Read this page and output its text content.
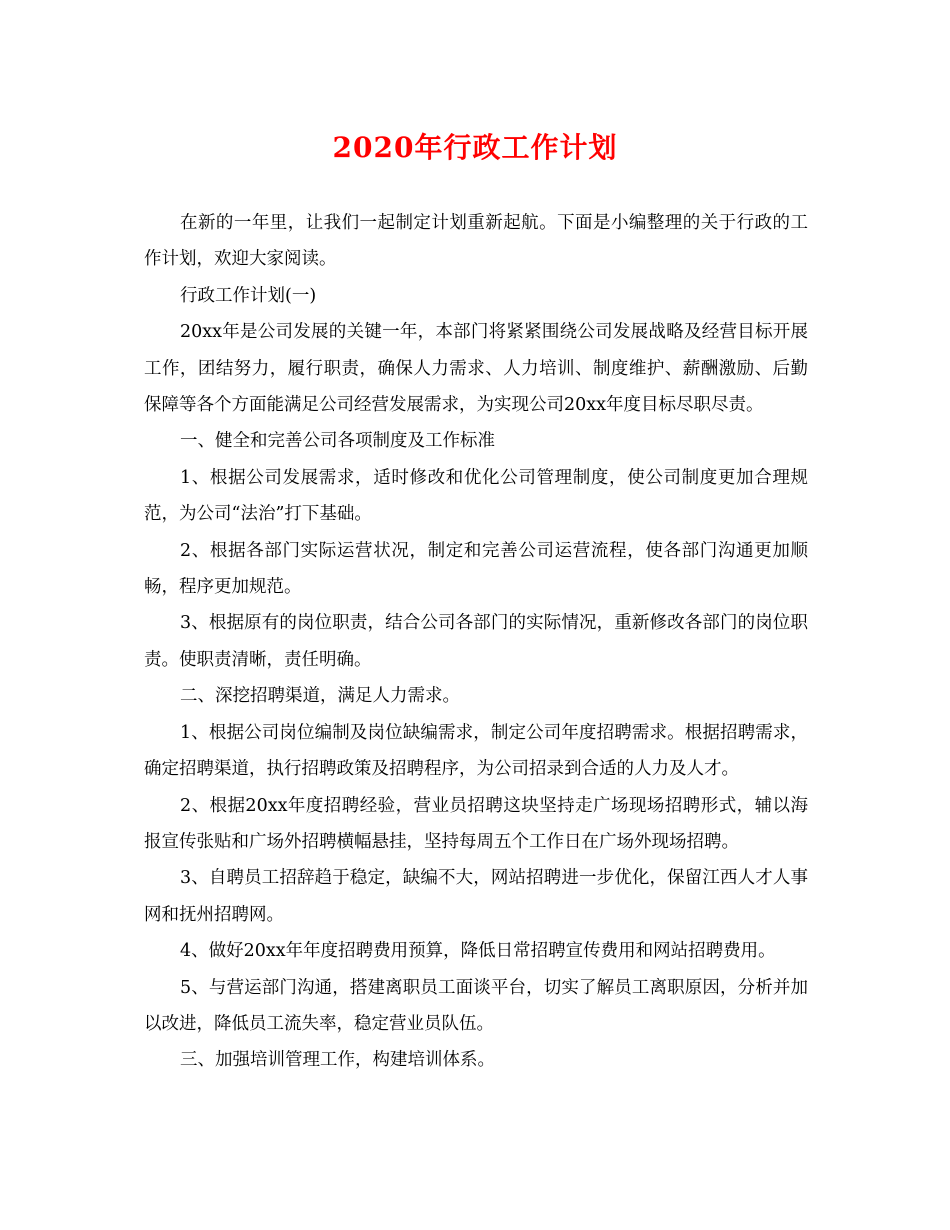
2020年行政工作计划

在新的一年里，让我们一起制定计划重新起航。下面是小编整理的关于行政的工作计划，欢迎大家阅读。

行政工作计划(一)

20xx年是公司发展的关键一年，本部门将紧紧围绕公司发展战略及经营目标开展工作，团结努力，履行职责，确保人力需求、人力培训、制度维护、薪酬激励、后勤保障等各个方面能满足公司经营发展需求，为实现公司20xx年度目标尽职尽责。

一、健全和完善公司各项制度及工作标准

1、根据公司发展需求，适时修改和优化公司管理制度，使公司制度更加合理规范，为公司“法治”打下基础。

2、根据各部门实际运营状况，制定和完善公司运营流程，使各部门沟通更加顺畅，程序更加规范。

3、根据原有的岗位职责，结合公司各部门的实际情况，重新修改各部门的岗位职责。使职责清晰，责任明确。

二、深挖招聘渠道，满足人力需求。

1、根据公司岗位编制及岗位缺编需求，制定公司年度招聘需求。根据招聘需求，确定招聘渠道，执行招聘政策及招聘程序，为公司招录到合适的人力及人才。

2、根据20xx年度招聘经验，营业员招聘这块坚持走广场现场招聘形式，辅以海报宣传张贴和广场外招聘横幅悬挂，坚持每周五个工作日在广场外现场招聘。

3、自聘员工招辞趋于稳定，缺编不大，网站招聘进一步优化，保留江西人才人事网和抚州招聘网。

4、做好20xx年年度招聘费用预算，降低日常招聘宣传费用和网站招聘费用。

5、与营运部门沟通，搭建离职员工面谈平台，切实了解员工离职原因，分析并加以改进，降低员工流失率，稳定营业员队伍。

三、加强培训管理工作，构建培训体系。
